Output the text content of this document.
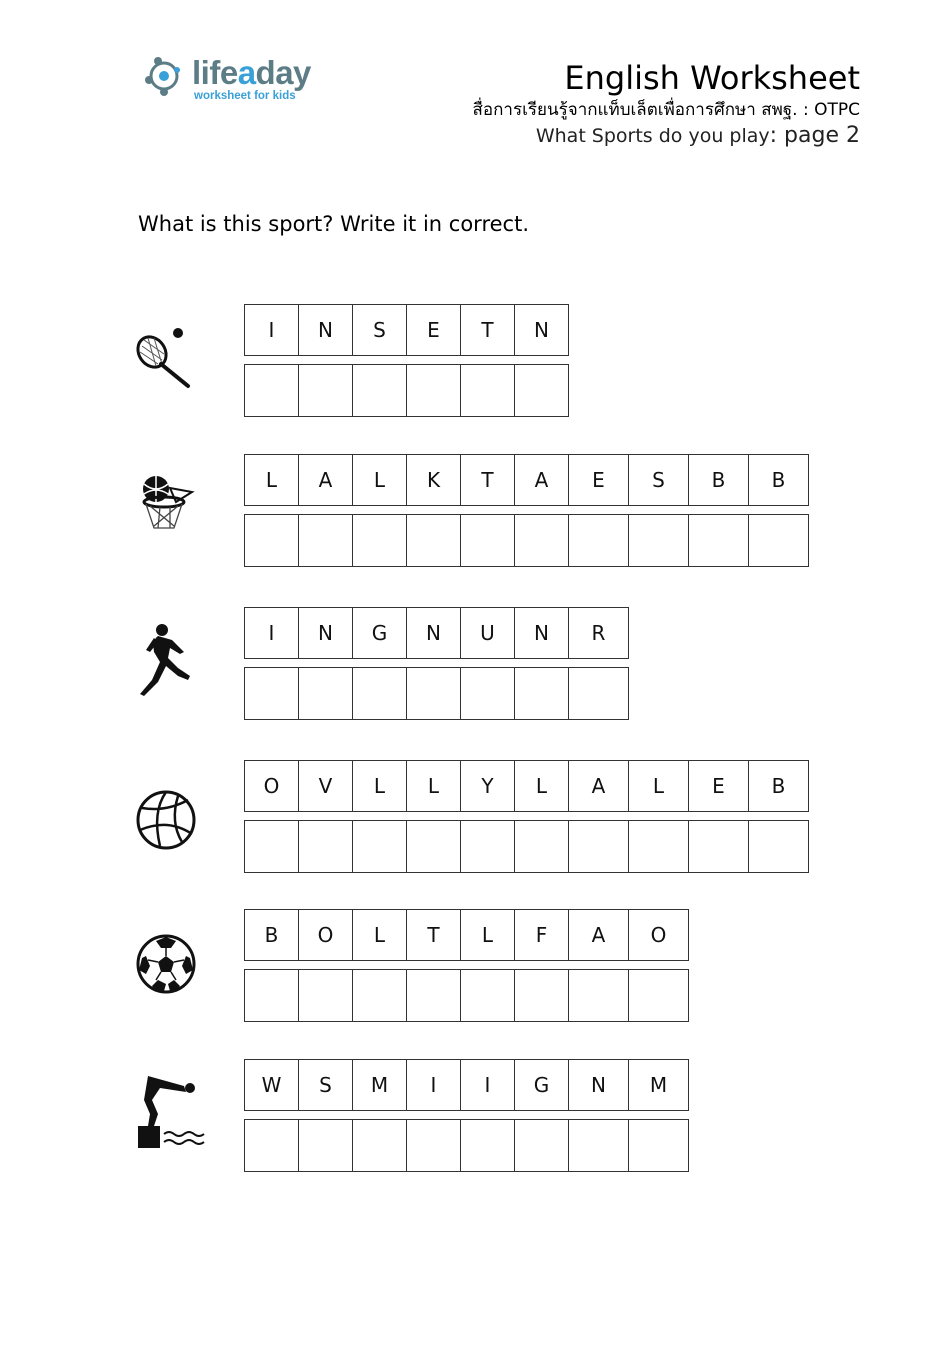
lifeaday
worksheet for kids	English Worksheet
สื่อการเรียนรู้จากแท็บเล็ตเพื่อการศึกษา สพฐ. : OTPC
What Sports do you play: page 2
What is this sport? Write it in correct.
I	N	S	E	T	N
L	A	L	K	T	A	E	S	B	B
I	N	G	N	U	N	R
O	V	L	L	Y	L	A	L	E	B
B	O	L	T	L	F	A	O
W	S	M	I	I	G	N	M
